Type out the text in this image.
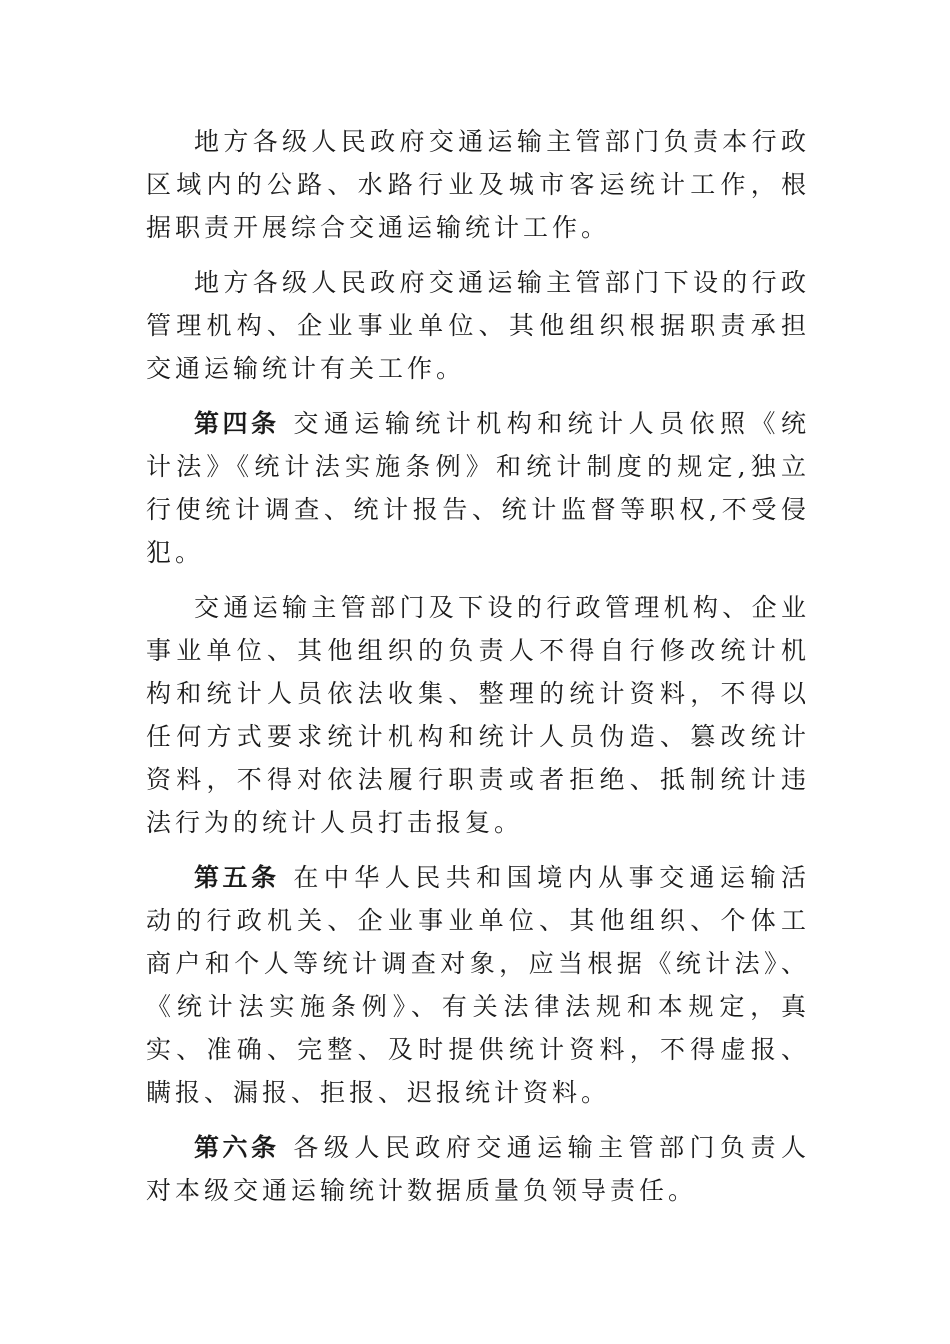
地方各级人民政府交通运输主管部门负责本行政区域内的公路、水路行业及城市客运统计工作，根据职责开展综合交通运输统计工作。

地方各级人民政府交通运输主管部门下设的行政管理机构、企业事业单位、其他组织根据职责承担交通运输统计有关工作。

第四条 交通运输统计机构和统计人员依照《统计法》《统计法实施条例》和统计制度的规定,独立行使统计调查、统计报告、统计监督等职权,不受侵犯。

交通运输主管部门及下设的行政管理机构、企业事业单位、其他组织的负责人不得自行修改统计机构和统计人员依法收集、整理的统计资料，不得以任何方式要求统计机构和统计人员伪造、篡改统计资料，不得对依法履行职责或者拒绝、抵制统计违法行为的统计人员打击报复。

第五条 在中华人民共和国境内从事交通运输活动的行政机关、企业事业单位、其他组织、个体工商户和个人等统计调查对象，应当根据《统计法》、《统计法实施条例》、有关法律法规和本规定，真实、准确、完整、及时提供统计资料，不得虚报、瞒报、漏报、拒报、迟报统计资料。

第六条 各级人民政府交通运输主管部门负责人对本级交通运输统计数据质量负领导责任。
